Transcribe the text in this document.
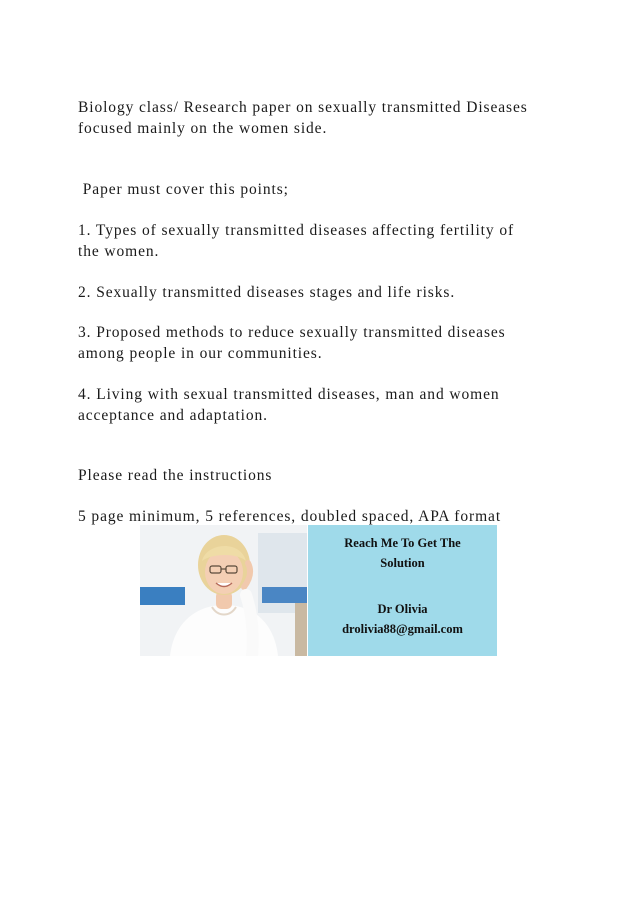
Biology class/ Research paper on sexually transmitted Diseases
focused mainly on the women side.
Paper must cover this points;
1. Types of sexually transmitted diseases affecting fertility of
the women.
2. Sexually transmitted diseases stages and life risks.
3. Proposed methods to reduce sexually transmitted diseases
among people in our communities.
4. Living with sexual transmitted diseases, man and women
acceptance and adaptation.
Please read the instructions
5 page minimum, 5 references, doubled spaced, APA format
Reach Me To Get The
Solution
Dr Olivia
drolivia88@gmail.com
